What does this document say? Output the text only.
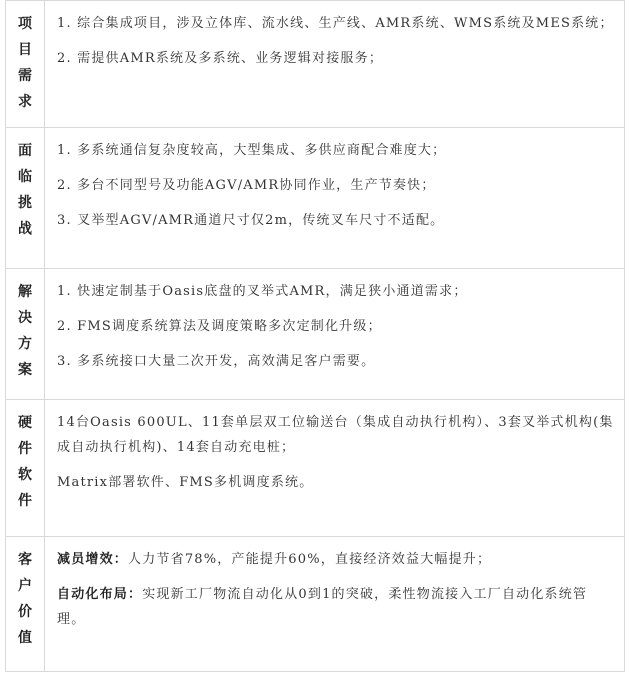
项
目
需
求
1. 综合集成项目，涉及立体库、流水线、生产线、AMR系统、WMS系统及MES系统；
2. 需提供AMR系统及多系统、业务逻辑对接服务；
面
临
挑
战
1. 多系统通信复杂度较高，大型集成、多供应商配合难度大；
2. 多台不同型号及功能AGV/AMR协同作业，生产节奏快；
3. 叉举型AGV/AMR通道尺寸仅2m，传统叉车尺寸不适配。
解
决
方
案
1. 快速定制基于Oasis底盘的叉举式AMR，满足狭小通道需求；
2. FMS调度系统算法及调度策略多次定制化升级；
3. 多系统接口大量二次开发，高效满足客户需要。
硬
件
软
件
14台Oasis 600UL、11套单层双工位输送台（集成自动执行机构）、3套叉举式机构(集成自动执行机构)、14套自动充电桩；
Matrix部署软件、FMS多机调度系统。
客
户
价
值
减员增效：人力节省78%，产能提升60%，直接经济效益大幅提升；
自动化布局：实现新工厂物流自动化从0到1的突破，柔性物流接入工厂自动化系统管理。
